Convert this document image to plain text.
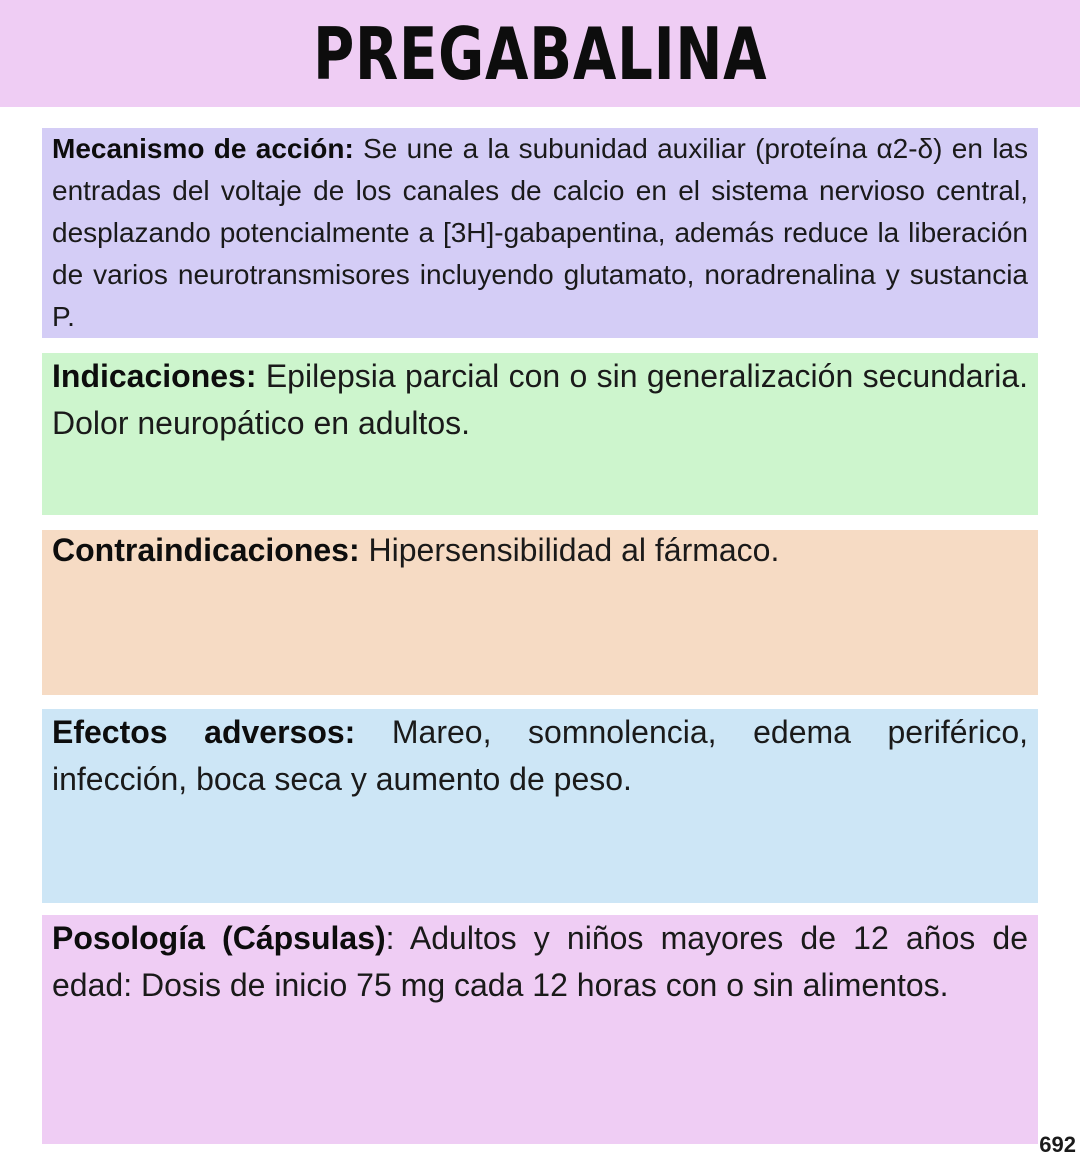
PREGABALINA

Mecanismo de acción: Se une a la subunidad auxiliar (proteína α2-δ) en las entradas del voltaje de los canales de calcio en el sistema nervioso central, desplazando potencialmente a [3H]-gabapentina, además reduce la liberación de varios neurotransmisores incluyendo glutamato, noradrenalina y sustancia P.

Indicaciones: Epilepsia parcial con o sin generalización secundaria. Dolor neuropático en adultos.

Contraindicaciones: Hipersensibilidad al fármaco.

Efectos adversos: Mareo, somnolencia, edema periférico, infección, boca seca y aumento de peso.

Posología (Cápsulas): Adultos y niños mayores de 12 años de edad: Dosis de inicio 75 mg cada 12 horas con o sin alimentos.

692
